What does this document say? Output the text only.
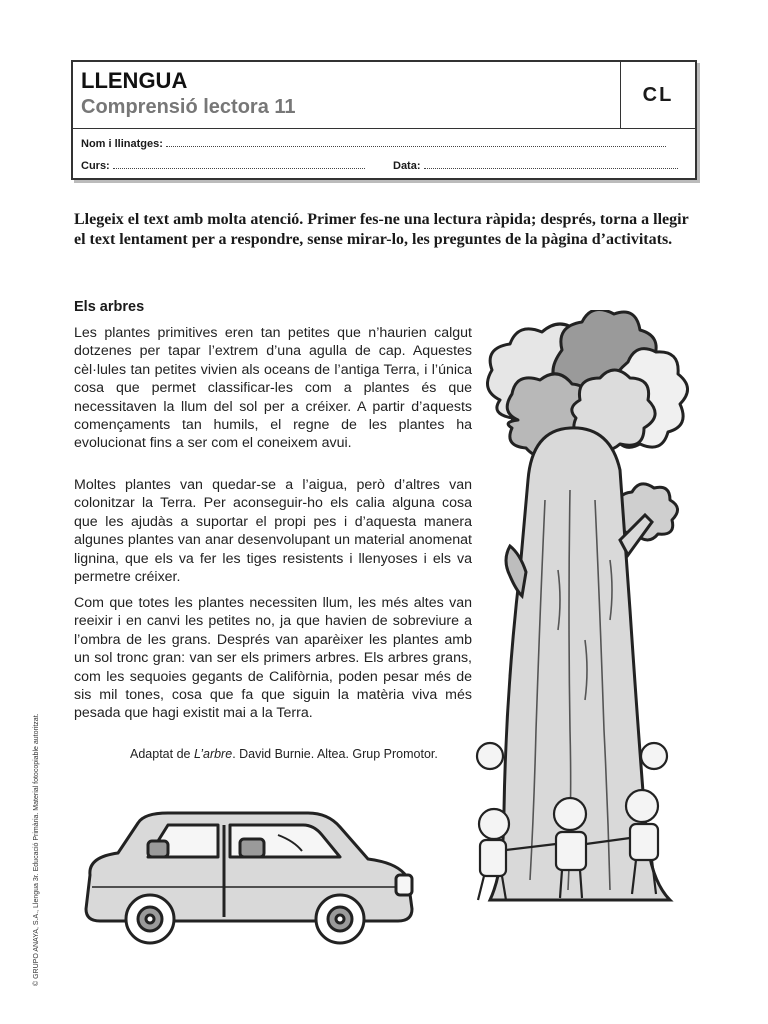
LLENGUA
Comprensió lectora 11
CL
Nom i llinatges:
Curs:	Data:
Llegeix el text amb molta atenció. Primer fes-ne una lectura ràpida; després, torna a llegir el text lentament per a respondre, sense mirar-lo, les preguntes de la pàgina d’activitats.
Els arbres
Les plantes primitives eren tan petites que n’haurien calgut dotzenes per tapar l’extrem d’una agulla de cap. Aquestes cèl·lules tan petites vivien als oceans de l’antiga Terra, i l’única cosa que permet classificar-les com a plantes és que necessitaven la llum del sol per a créixer. A partir d’aquests començaments tan humils, el regne de les plantes ha evolucionat fins a ser com el coneixem avui.
Moltes plantes van quedar-se a l’aigua, però d’altres van colonitzar la Terra. Per aconseguir-ho els calia alguna cosa que les ajudàs a suportar el propi pes i d’aquesta manera algunes plantes van anar desenvolupant un material anomenat lignina, que els va fer les tiges resistents i llenyoses i els va permetre créixer.
Com que totes les plantes necessiten llum, les més altes van reeixir i en canvi les petites no, ja que havien de sobreviure a l’ombra de les grans. Després van aparèixer les plantes amb un sol tronc gran: van ser els primers arbres. Els arbres grans, com les sequoies gegants de Califòrnia, poden pesar més de sis mil tones, cosa que fa que siguin la matèria viva més pesada que hagi existit mai a la Terra.
Adaptat de L’arbre. David Burnie. Altea. Grup Promotor.
© GRUPO ANAYA, S.A., Llengua 3r. Educació Primària. Material fotocopiable autoritzat.
